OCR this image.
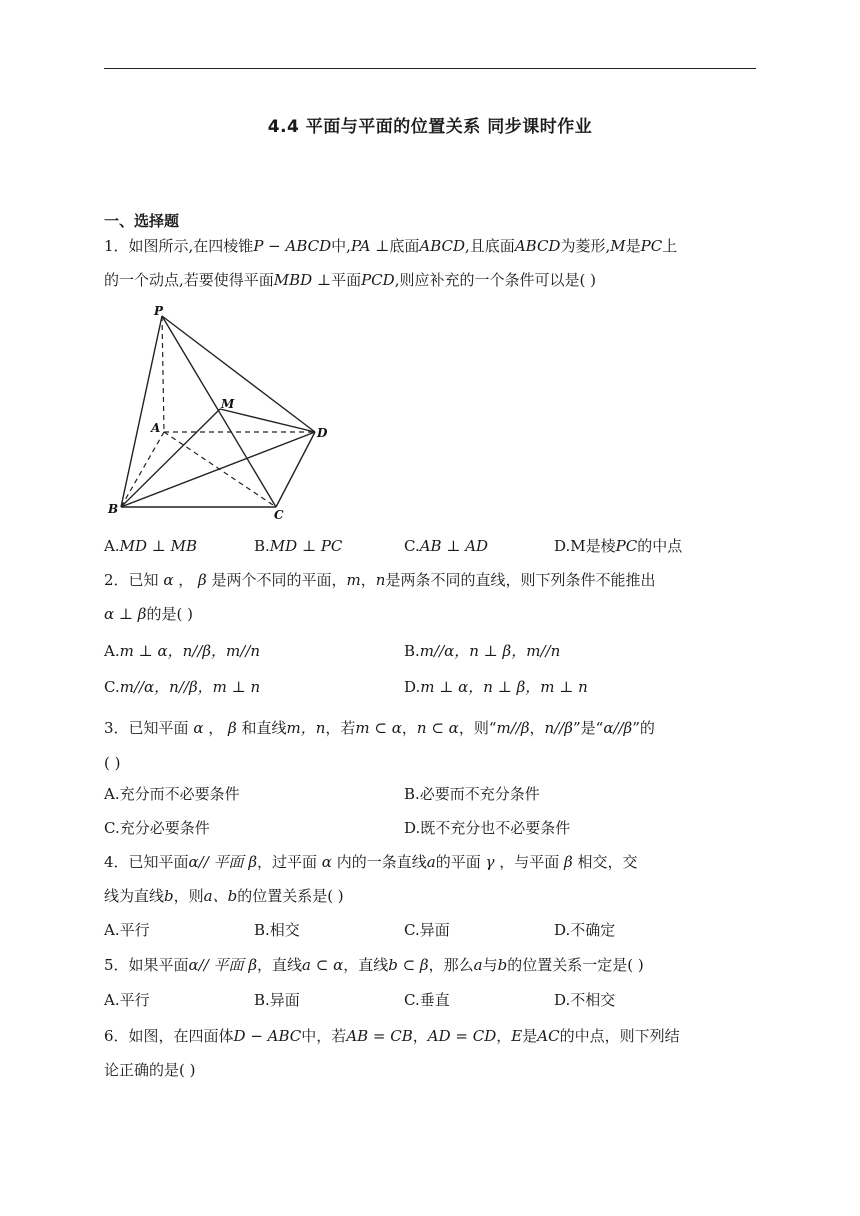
4.4 平面与平面的位置关系 同步课时作业
一、选择题
1．如图所示,在四棱锥P − ABCD中,PA ⊥底面ABCD,且底面ABCD为菱形,M是PC上
的一个动点,若要使得平面MBD ⊥平面PCD,则应补充的一个条件可以是( )
P
M
A	D
B	C
A.MD ⊥ MB	B.MD ⊥ PC	C.AB ⊥ AD	D.M是棱PC的中点
2．已知 α ， β 是两个不同的平面，m，n是两条不同的直线，则下列条件不能推出
α ⊥ β的是( )
A.m ⊥ α，n//β，m//n	B.m//α，n ⊥ β，m//n
C.m//α，n//β，m ⊥ n	D.m ⊥ α，n ⊥ β，m ⊥ n
3．已知平面 α ， β 和直线m，n，若m ⊂ α，n ⊂ α，则“m//β，n//β”是“α//β”的
( )
A.充分而不必要条件	B.必要而不充分条件
C.充分必要条件	D.既不充分也不必要条件
4．已知平面α// 平面 β，过平面 α 内的一条直线a的平面 γ ，与平面 β 相交，交
线为直线b，则a、b的位置关系是( )
A.平行	B.相交	C.异面	D.不确定
5．如果平面α// 平面 β，直线a ⊂ α，直线b ⊂ β，那么a与b的位置关系一定是( )
A.平行	B.异面	C.垂直	D.不相交
6．如图，在四面体D − ABC中，若AB = CB，AD = CD，E是AC的中点，则下列结
论正确的是( )
